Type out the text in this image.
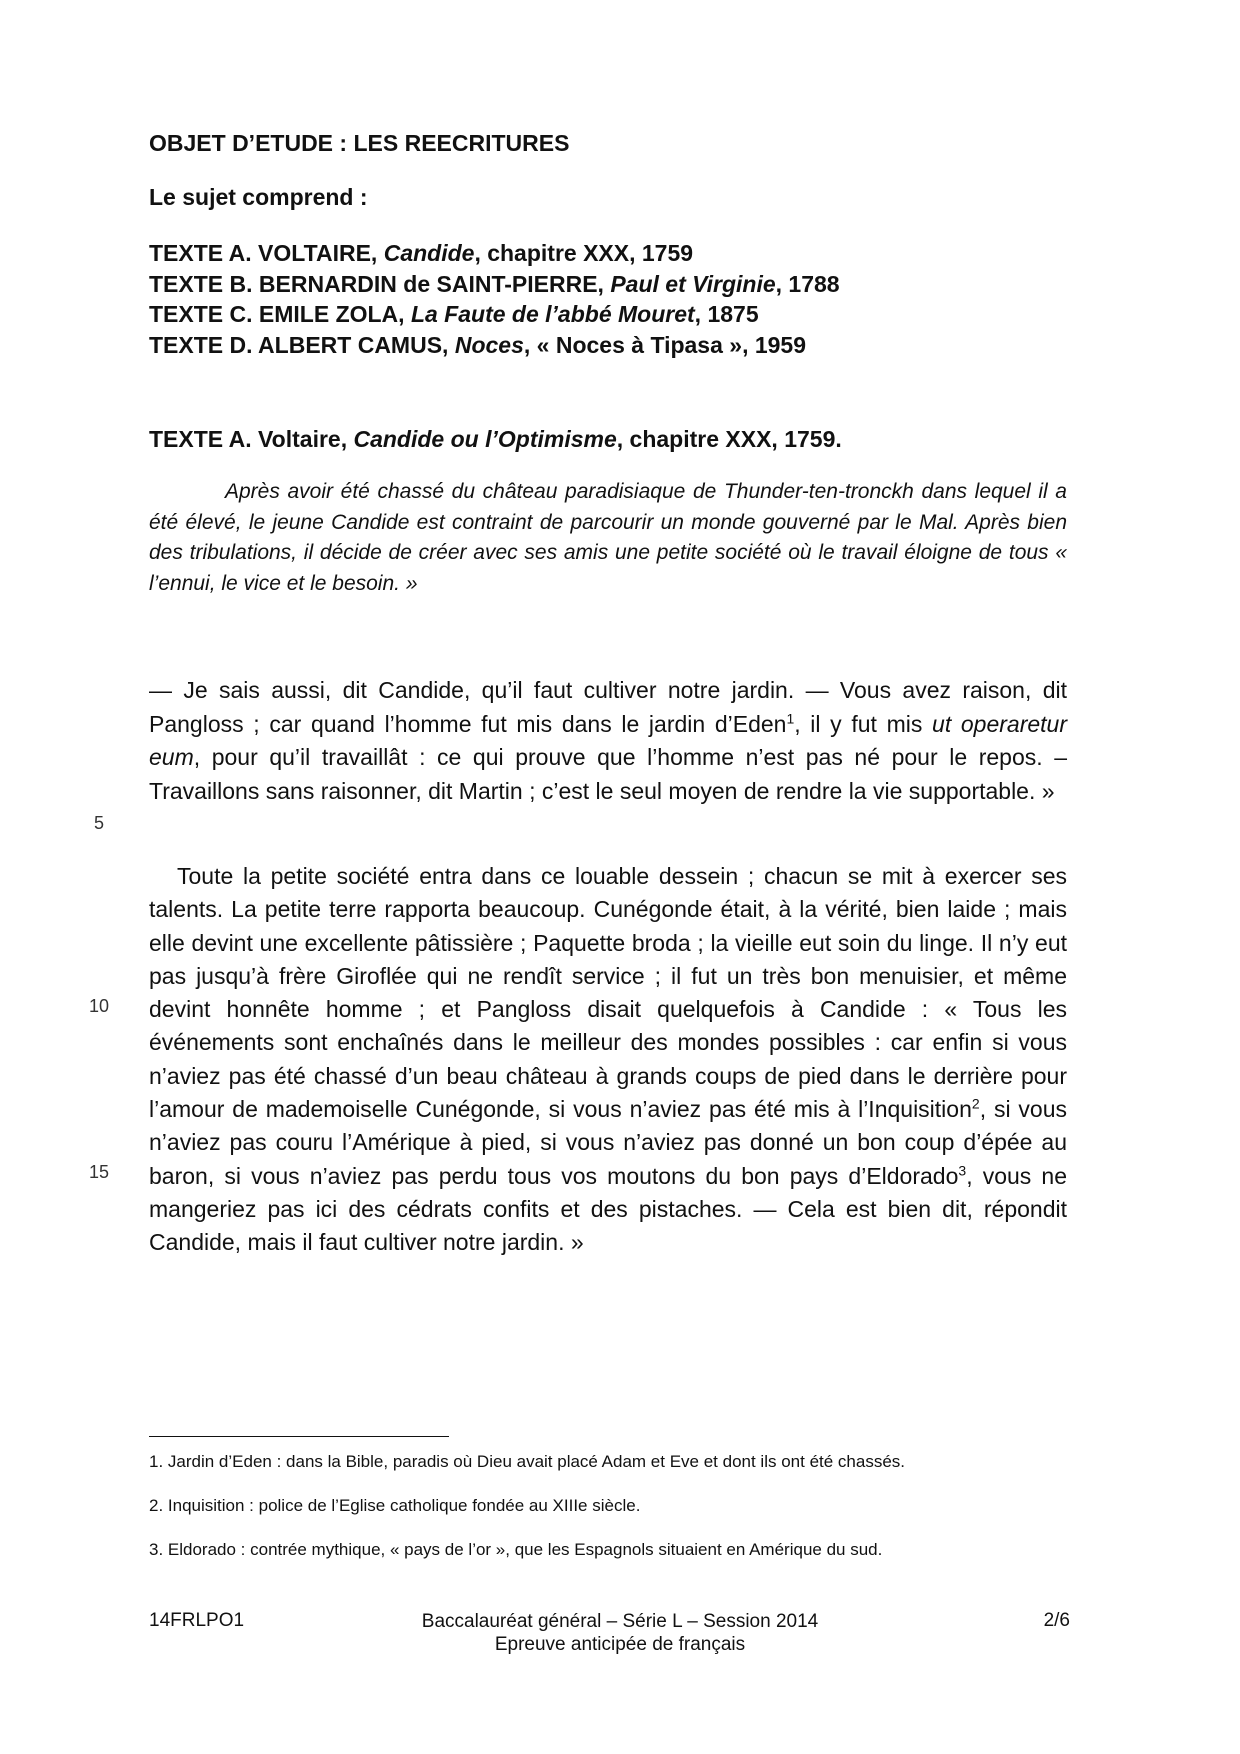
OBJET D’ETUDE : LES REECRITURES
Le sujet comprend :
TEXTE A. VOLTAIRE, Candide, chapitre XXX, 1759
TEXTE B. BERNARDIN de SAINT-PIERRE, Paul et Virginie, 1788
TEXTE C. EMILE ZOLA, La Faute de l’abbé Mouret, 1875
TEXTE D. ALBERT CAMUS, Noces, « Noces à Tipasa », 1959
TEXTE A. Voltaire, Candide ou l’Optimisme, chapitre XXX, 1759.

Après avoir été chassé du château paradisiaque de Thunder-ten-tronckh dans lequel il a été élevé, le jeune Candide est contraint de parcourir un monde gouverné par le Mal. Après bien des tribulations, il décide de créer avec ses amis une petite société où le travail éloigne de tous « l’ennui, le vice et le besoin. »

— Je sais aussi, dit Candide, qu’il faut cultiver notre jardin. — Vous avez raison, dit Pangloss ; car quand l’homme fut mis dans le jardin d’Eden$^1$, il y fut mis ut operaretur eum, pour qu’il travaillât : ce qui prouve que l’homme n’est pas né pour le repos. – Travaillons sans raisonner, dit Martin ; c’est le seul moyen de rendre la vie supportable. »

Toute la petite société entra dans ce louable dessein ; chacun se mit à exercer ses talents. La petite terre rapporta beaucoup. Cunégonde était, à la vérité, bien laide ; mais elle devint une excellente pâtissière ; Paquette broda ; la vieille eut soin du linge. Il n’y eut pas jusqu’à frère Giroflée qui ne rendît service ; il fut un très bon menuisier, et même devint honnête homme ; et Pangloss disait quelquefois à Candide : « Tous les événements sont enchaînés dans le meilleur des mondes possibles : car enfin si vous n’aviez pas été chassé d’un beau château à grands coups de pied dans le derrière pour l’amour de mademoiselle Cunégonde, si vous n’aviez pas été mis à l’Inquisition$^2$, si vous n’aviez pas couru l’Amérique à pied, si vous n’aviez pas donné un bon coup d’épée au baron, si vous n’aviez pas perdu tous vos moutons du bon pays d’Eldorado$^3$, vous ne mangeriez pas ici des cédrats confits et des pistaches. — Cela est bien dit, répondit Candide, mais il faut cultiver notre jardin. »

5
10
15
1. Jardin d’Eden : dans la Bible, paradis où Dieu avait placé Adam et Eve et dont ils ont été chassés.
2. Inquisition : police de l’Eglise catholique fondée au XIIIe siècle.
3. Eldorado : contrée mythique, « pays de l’or », que les Espagnols situaient en Amérique du sud.
14FRLPO1	Baccalauréat général – Série L – Session 2014
Epreuve anticipée de français
2/6
